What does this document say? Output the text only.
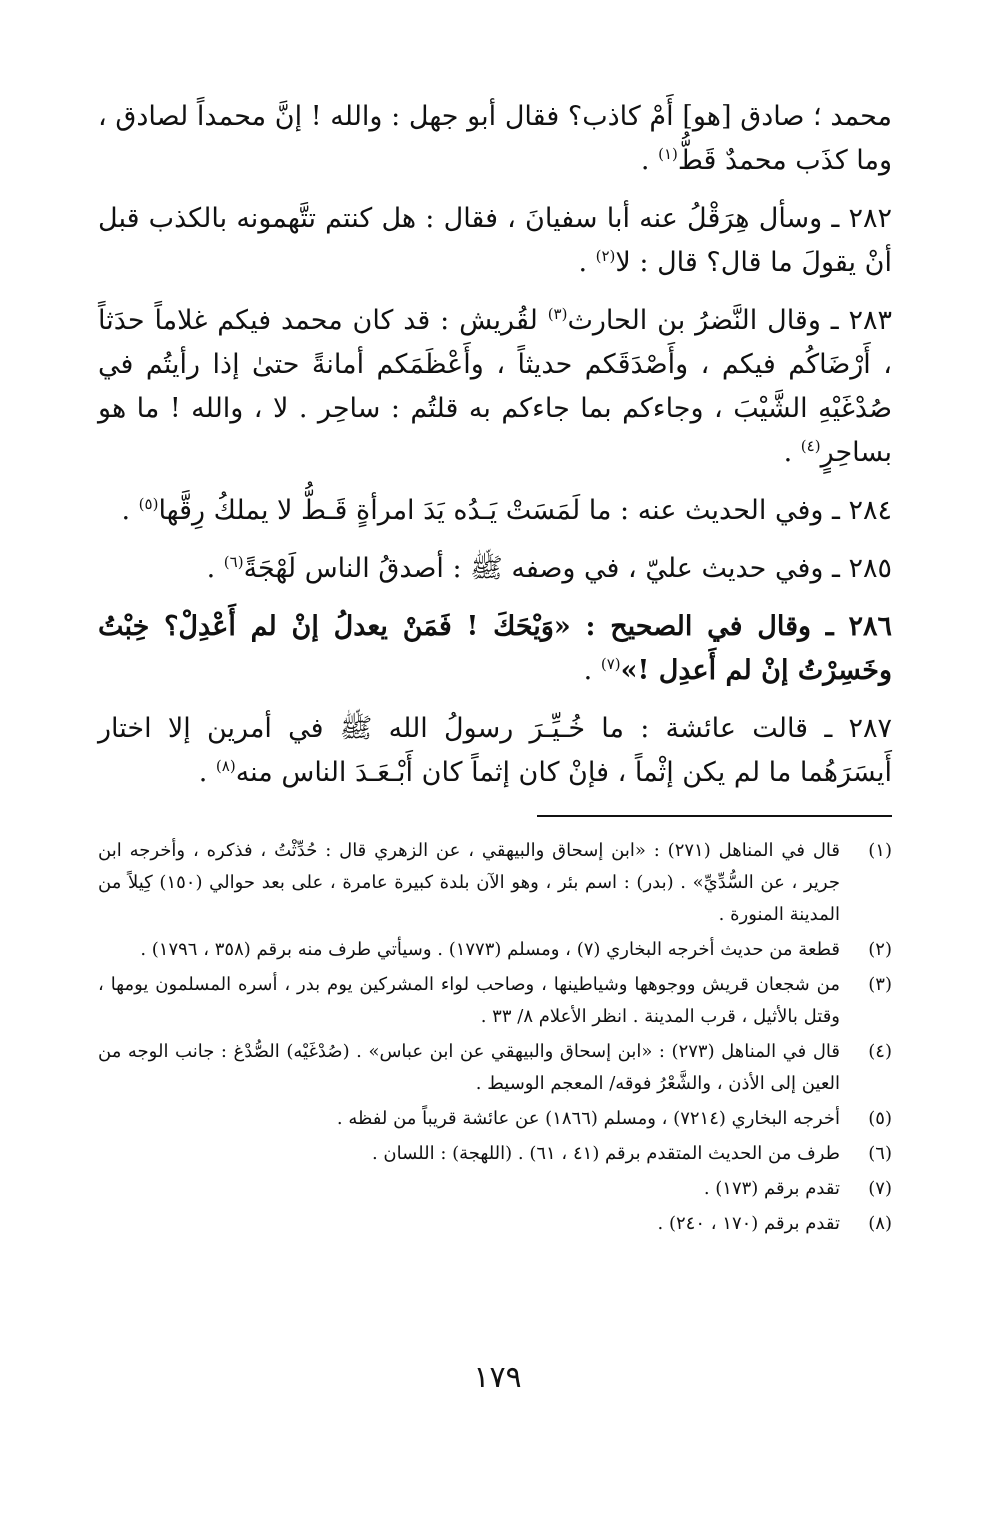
محمد ؛ صادق [هو] أَمْ كاذب؟ فقال أبو جهل : والله ! إنَّ محمداً لصادق ، وما كذَب محمدٌ قَطُّ$^{(١)}$ .

٢٨٢ ـ وسأل هِرَقْلُ عنه أبا سفيانَ ، فقال : هل كنتم تتَّهمونه بالكذب قبل أنْ يقولَ ما قال؟ قال : لا$^{(٢)}$ .

٢٨٣ ـ وقال النَّضرُ بن الحارث$^{(٣)}$ لقُريش : قد كان محمد فيكم غلاماً حدَثاً ، أَرْضَاكُم فيكم ، وأَصْدَقَكم حديثاً ، وأَعْظَمَكم أمانةً حتىٰ إذا رأيتُم في صُدْغَيْهِ الشَّيْبَ ، وجاءكم بما جاءكم به قلتُم : ساحِر . لا ، والله ! ما هو بساحِرٍ$^{(٤)}$ .

٢٨٤ ـ وفي الحديث عنه : ما لَمَسَتْ يَـدُه يَدَ امرأةٍ قَـطُّ لا يملكُ رِقَّها$^{(٥)}$ .

٢٨٥ ـ وفي حديث عليّ ، في وصفه ﷺ : أصدقُ الناس لَهْجَةً$^{(٦)}$ .

٢٨٦ ـ وقال في الصحيح : «وَيْحَكَ ! فَمَنْ يعدلُ إنْ لم أَعْدِلْ؟ خِبْتُ وخَسِرْتُ إنْ لم أَعدِل !»$^{(٧)}$ .

٢٨٧ ـ قالت عائشة : ما خُـيِّـرَ رسولُ الله ﷺ في أمرين إلا اختار أَيسَرَهُما ما لم يكن إثْماً ، فإنْ كان إثماً كان أَبْـعَـدَ الناس منه$^{(٨)}$ .

(١)
قال في المناهل (٢٧١) : «ابن إسحاق والبيهقي ، عن الزهري قال : حُدِّثْتُ ، فذكره ، وأخرجه ابن جرير ، عن السُّدِّيِّ» . (بدر) : اسم بئر ، وهو الآن بلدة كبيرة عامرة ، على بعد حوالي (١٥٠) كِيلاً من المدينة المنورة .
(٢)
قطعة من حديث أخرجه البخاري (٧) ، ومسلم (١٧٧٣) . وسيأتي طرف منه برقم (٣٥٨ ، ١٧٩٦) .
(٣)
من شجعان قريش ووجوهها وشياطينها ، وصاحب لواء المشركين يوم بدر ، أسره المسلمون يومها ، وقتل بالأثيل ، قرب المدينة . انظر الأعلام ٨/ ٣٣ .
(٤)
قال في المناهل (٢٧٣) : «ابن إسحاق والبيهقي عن ابن عباس» . (صُدْغَيْه) الصُّدْغ : جانب الوجه من العين إلى الأذن ، والشَّعْرُ فوقه/ المعجم الوسيط .
(٥)
أخرجه البخاري (٧٢١٤) ، ومسلم (١٨٦٦) عن عائشة قريباً من لفظه .
(٦)
طرف من الحديث المتقدم برقم (٤١ ، ٦١) . (اللهجة) : اللسان .
(٧)
تقدم برقم (١٧٣) .
(٨)
تقدم برقم (١٧٠ ، ٢٤٠) .
١٧٩
